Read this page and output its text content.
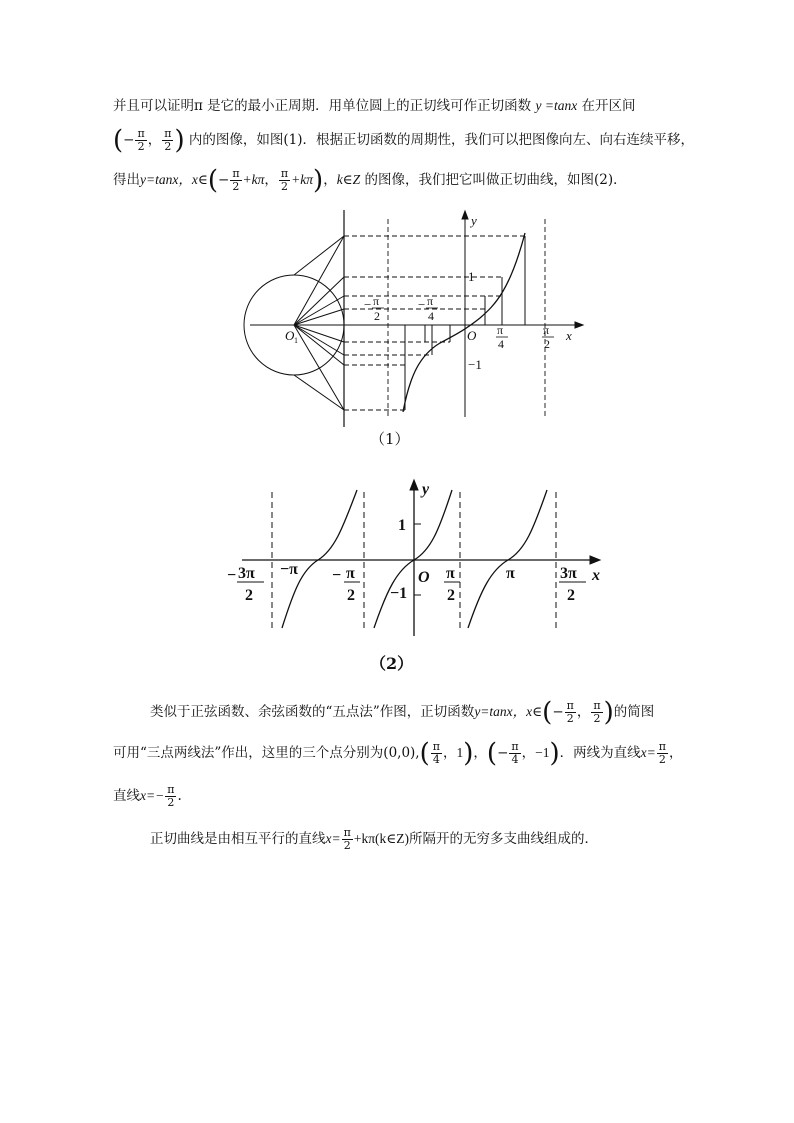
并且可以证明π 是它的最小正周期．用单位圆上的正切线可作正切函数 y =tanx 在开区间
(− $\frac{\pi}{2}$ ， $\frac{\pi}{2}$ ) 内的图像，如图(1)．根据正切函数的周期性，我们可以把图像向左、向右连续平移，
得出y=tanx，x∈(− $\frac{\pi}{2} +k\pi$， $\frac{\pi}{2} +k\pi$)，k∈Z 的图像，我们把它叫做正切曲线，如图(2)．
y
x
O
O 1
1
−1
− π
2
− π
4
π
4
π
2
（1）
y
x
O
1
−1
− 3π
2
−π − π
2
π
2
π	3π
2
（2）
类似于正弦函数、余弦函数的“五点法”作图，正切函数y=tanx，x∈(− $\frac{\pi}{2}$ ， $\frac{\pi}{2}$ )的简图
可用“三点两线法”作出，这里的三个点分别为$(0,0),( \frac{\pi}{4}$ ，1)，(− $\frac{\pi}{4}$ ，−1)．两线为直线$x= \frac{\pi}{2}$ ，
直线$x=- \frac{\pi}{2}$ .
正切曲线是由相互平行的直线$x= \frac{\pi}{2}$ +kπ(k∈Z)所隔开的无穷多支曲线组成的．
